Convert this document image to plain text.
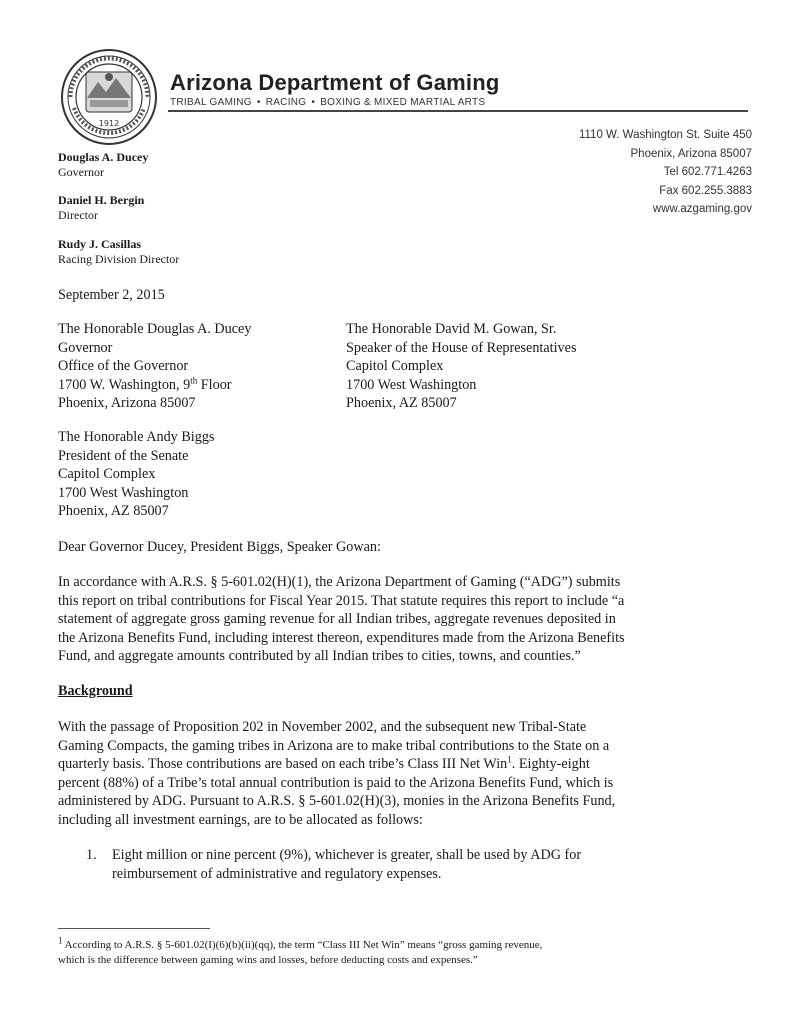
1912
Arizona Department of Gaming
TRIBAL GAMING • RACING • BOXING & MIXED MARTIAL ARTS
1110 W. Washington St. Suite 450
Phoenix, Arizona 85007
Tel 602.771.4263
Fax 602.255.3883
www.azgaming.gov
Douglas A. Ducey
Governor
Daniel H. Bergin
Director
Rudy J. Casillas
Racing Division Director
September 2, 2015
The Honorable Douglas A. Ducey
Governor
Office of the Governor
1700 W. Washington, 9th Floor
Phoenix, Arizona 85007
The Honorable David M. Gowan, Sr.
Speaker of the House of Representatives
Capitol Complex
1700 West Washington
Phoenix, AZ 85007
The Honorable Andy Biggs
President of the Senate
Capitol Complex
1700 West Washington
Phoenix, AZ 85007
Dear Governor Ducey, President Biggs, Speaker Gowan:
In accordance with A.R.S. § 5-601.02(H)(1), the Arizona Department of Gaming (“ADG”) submits
this report on tribal contributions for Fiscal Year 2015. That statute requires this report to include “a
statement of aggregate gross gaming revenue for all Indian tribes, aggregate revenues deposited in
the Arizona Benefits Fund, including interest thereon, expenditures made from the Arizona Benefits
Fund, and aggregate amounts contributed by all Indian tribes to cities, towns, and counties.”
Background
With the passage of Proposition 202 in November 2002, and the subsequent new Tribal-State
Gaming Compacts, the gaming tribes in Arizona are to make tribal contributions to the State on a
quarterly basis. Those contributions are based on each tribe’s Class III Net Win$^1$. Eighty-eight
percent (88%) of a Tribe’s total annual contribution is paid to the Arizona Benefits Fund, which is
administered by ADG. Pursuant to A.R.S. § 5-601.02(H)(3), monies in the Arizona Benefits Fund,
including all investment earnings, are to be allocated as follows:
1. Eight million or nine percent (9%), whichever is greater, shall be used by ADG for
reimbursement of administrative and regulatory expenses.
$^1$ According to A.R.S. § 5-601.02(I)(6)(b)(ii)(qq), the term “Class III Net Win” means “gross gaming revenue,
which is the difference between gaming wins and losses, before deducting costs and expenses.”
